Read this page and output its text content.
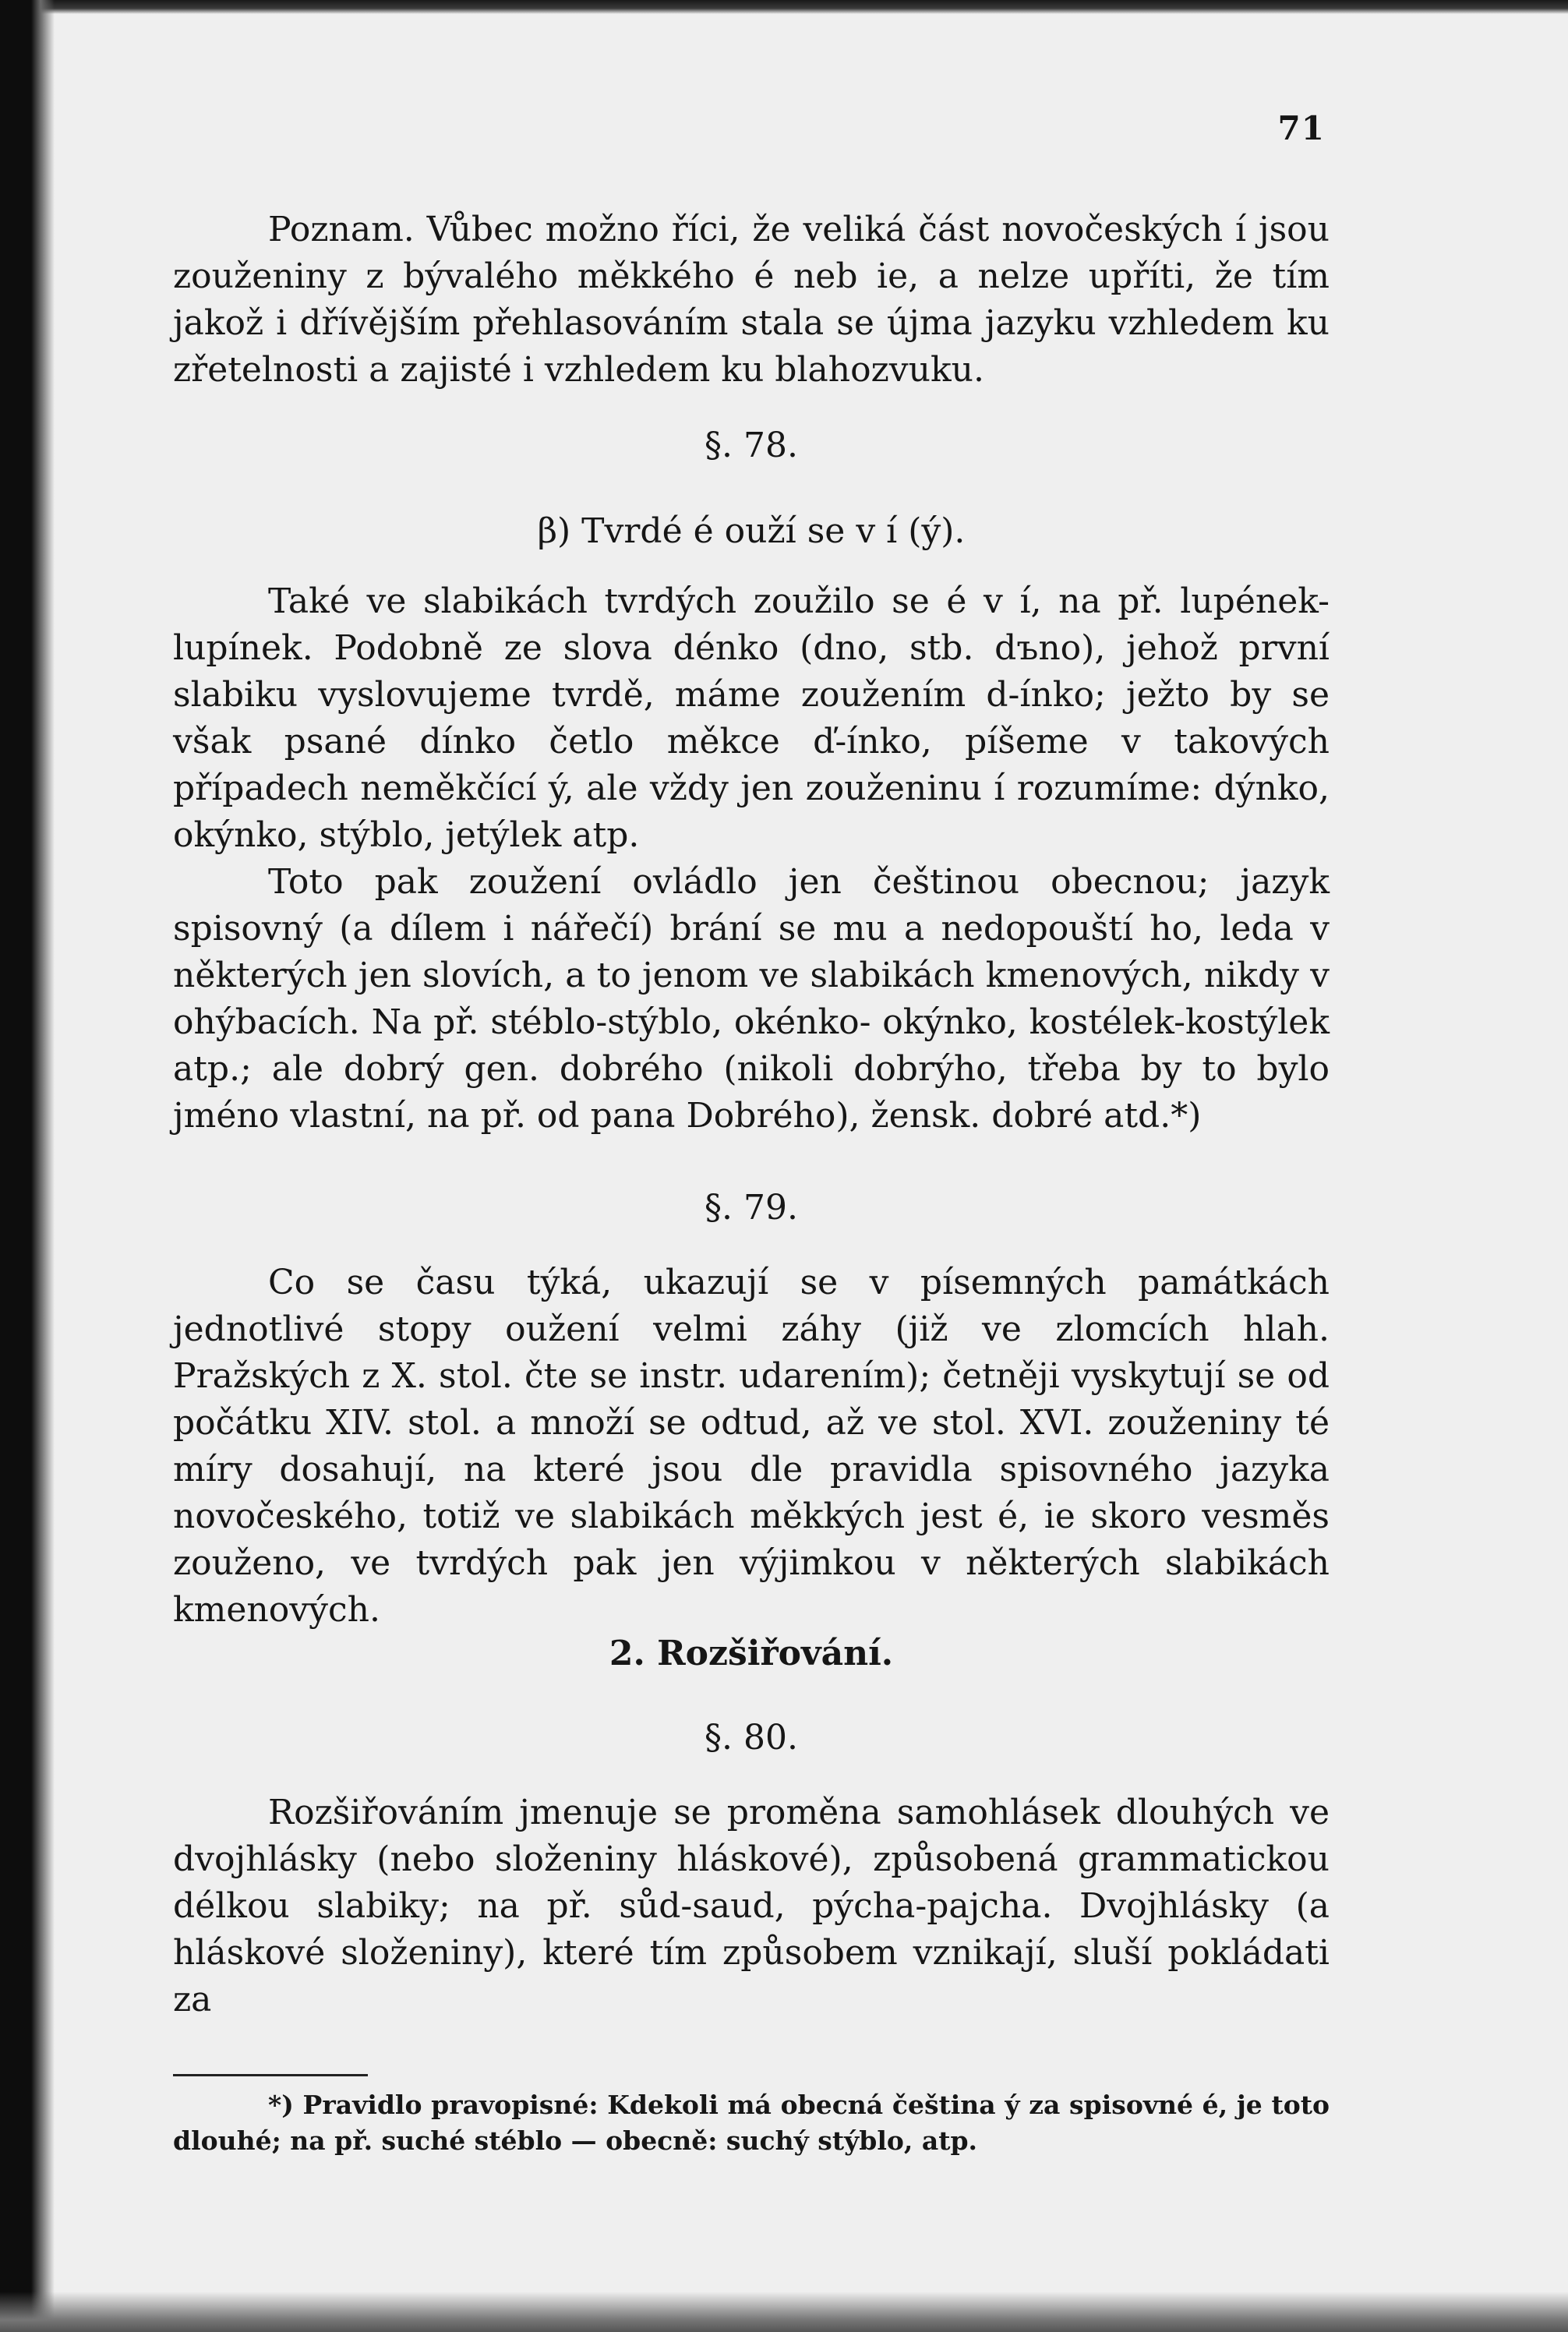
71

Poznam. Vůbec možno říci, že veliká část novočeských í jsou zouženiny z bývalého měkkého é neb ie, a nelze upříti, že tím jakož i dřívějším přehlasováním stala se újma jazyku vzhledem ku zřetelnosti a zajisté i vzhledem ku blahozvuku.

§. 78.
β) Tvrdé é ouží se v í (ý).

Také ve slabikách tvrdých zoužilo se é v í, na př. lupének-lupínek. Podobně ze slova dénko (dno, stb. dъno), jehož první slabiku vyslovujeme tvrdě, máme zoužením d-ínko; ježto by se však psané dínko četlo měkce ď-ínko, píšeme v takových případech neměkčící ý, ale vždy jen zouženinu í rozumíme: dýnko, okýnko, stýblo, jetýlek atp.

Toto pak zoužení ovládlo jen češtinou obecnou; jazyk spisovný (a dílem i nářečí) brání se mu a nedopouští ho, leda v některých jen slovích, a to jenom ve slabikách kmenových, nikdy v ohýbacích. Na př. stéblo-stýblo, okénko- okýnko, kostélek-kostýlek atp.; ale dobrý gen. dobrého (nikoli dobrýho, třeba by to bylo jméno vlastní, na př. od pana Dobrého), žensk. dobré atd.*)

§. 79.

Co se času týká, ukazují se v písemných památkách jednotlivé stopy oužení velmi záhy (již ve zlomcích hlah. Pražských z X. stol. čte se instr. udarením); četněji vyskytují se od počátku XIV. stol. a množí se odtud, až ve stol. XVI. zouženiny té míry dosahují, na které jsou dle pravidla spisovného jazyka novočeského, totiž ve slabikách měkkých jest é, ie skoro vesměs zouženo, ve tvrdých pak jen výjimkou v některých slabikách kmenových.

2. Rozšiřování.
§. 80.

Rozšiřováním jmenuje se proměna samohlásek dlouhých ve dvojhlásky (nebo složeniny hláskové), způsobená grammatickou délkou slabiky; na př. sůd-saud, pýcha-pajcha. Dvojhlásky (a hláskové složeniny), které tím způsobem vznikají, sluší pokládati za

*) Pravidlo pravopisné: Kdekoli má obecná čeština ý za spisovné é, je toto dlouhé; na př. suché stéblo — obecně: suchý stýblo, atp.
